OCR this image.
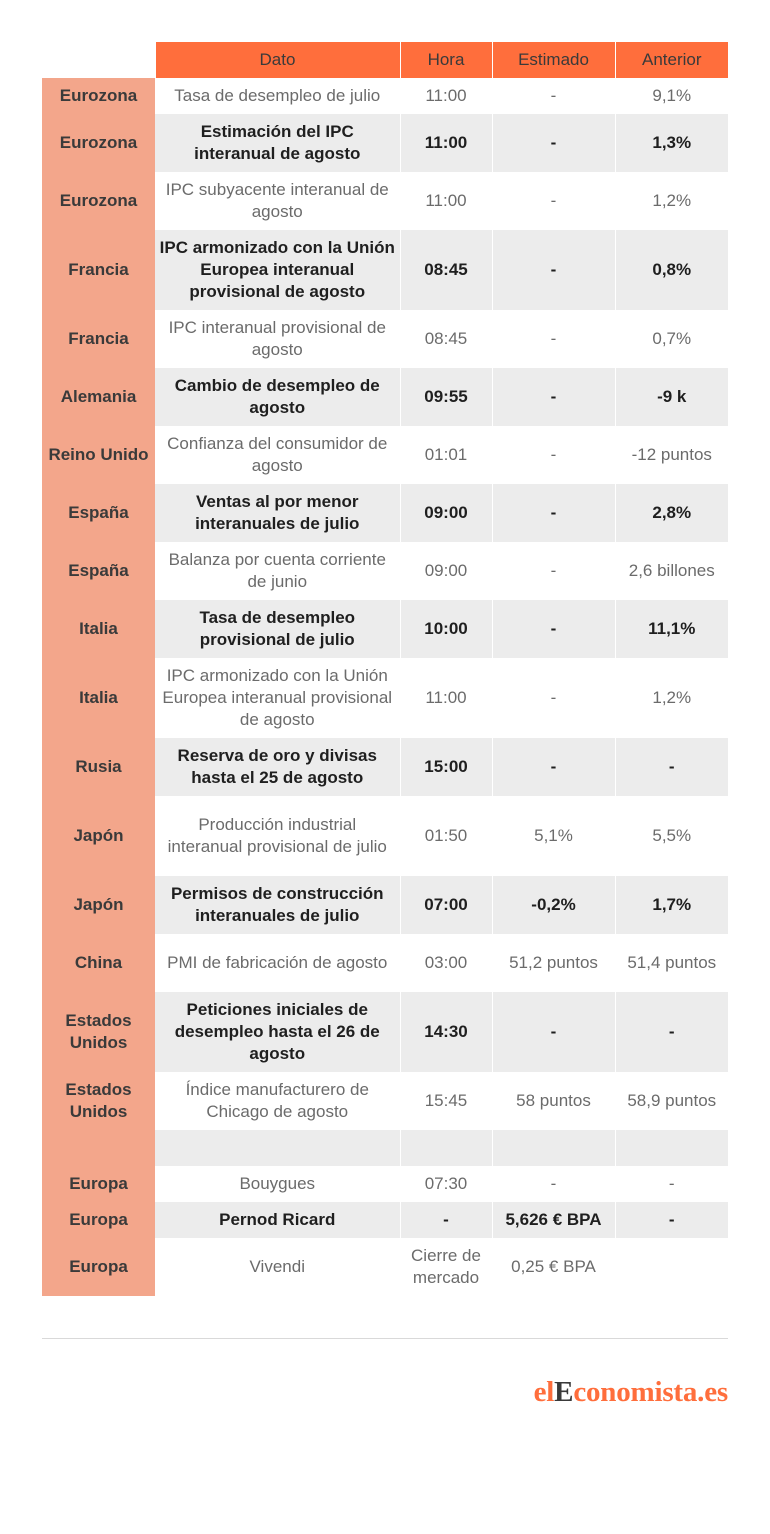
	Dato	Hora	Estimado	Anterior
Eurozona	Tasa de desempleo de julio	11:00	-	9,1%
Eurozona	Estimación del IPC interanual de agosto	11:00	-	1,3%
Eurozona	IPC subyacente interanual de agosto	11:00	-	1,2%
Francia	IPC armonizado con la Unión Europea interanual provisional de agosto	08:45	-	0,8%
Francia	IPC interanual provisional de agosto	08:45	-	0,7%
Alemania	Cambio de desempleo de agosto	09:55	-	-9 k
Reino Unido	Confianza del consumidor de agosto	01:01	-	-12 puntos
España	Ventas al por menor interanuales de julio	09:00	-	2,8%
España	Balanza por cuenta corriente de junio	09:00	-	2,6 billones
Italia	Tasa de desempleo provisional de julio	10:00	-	11,1%
Italia	IPC armonizado con la Unión Europea interanual provisional de agosto	11:00	-	1,2%
Rusia	Reserva de oro y divisas hasta el 25 de agosto	15:00	-	-
Japón	Producción industrial interanual provisional de julio	01:50	5,1%	5,5%
Japón	Permisos de construcción interanuales de julio	07:00	-0,2%	1,7%
China	PMI de fabricación de agosto	03:00	51,2 puntos	51,4 puntos
Estados Unidos	Peticiones iniciales de desempleo hasta el 26 de agosto	14:30	-	-
Estados Unidos	Índice manufacturero de Chicago de agosto	15:45	58 puntos	58,9 puntos

Europa	Bouygues	07:30	-	-
Europa	Pernod Ricard	-	5,626 € BPA	-
Europa	Vivendi	Cierre de mercado	0,25 € BPA	
elEconomista.es
